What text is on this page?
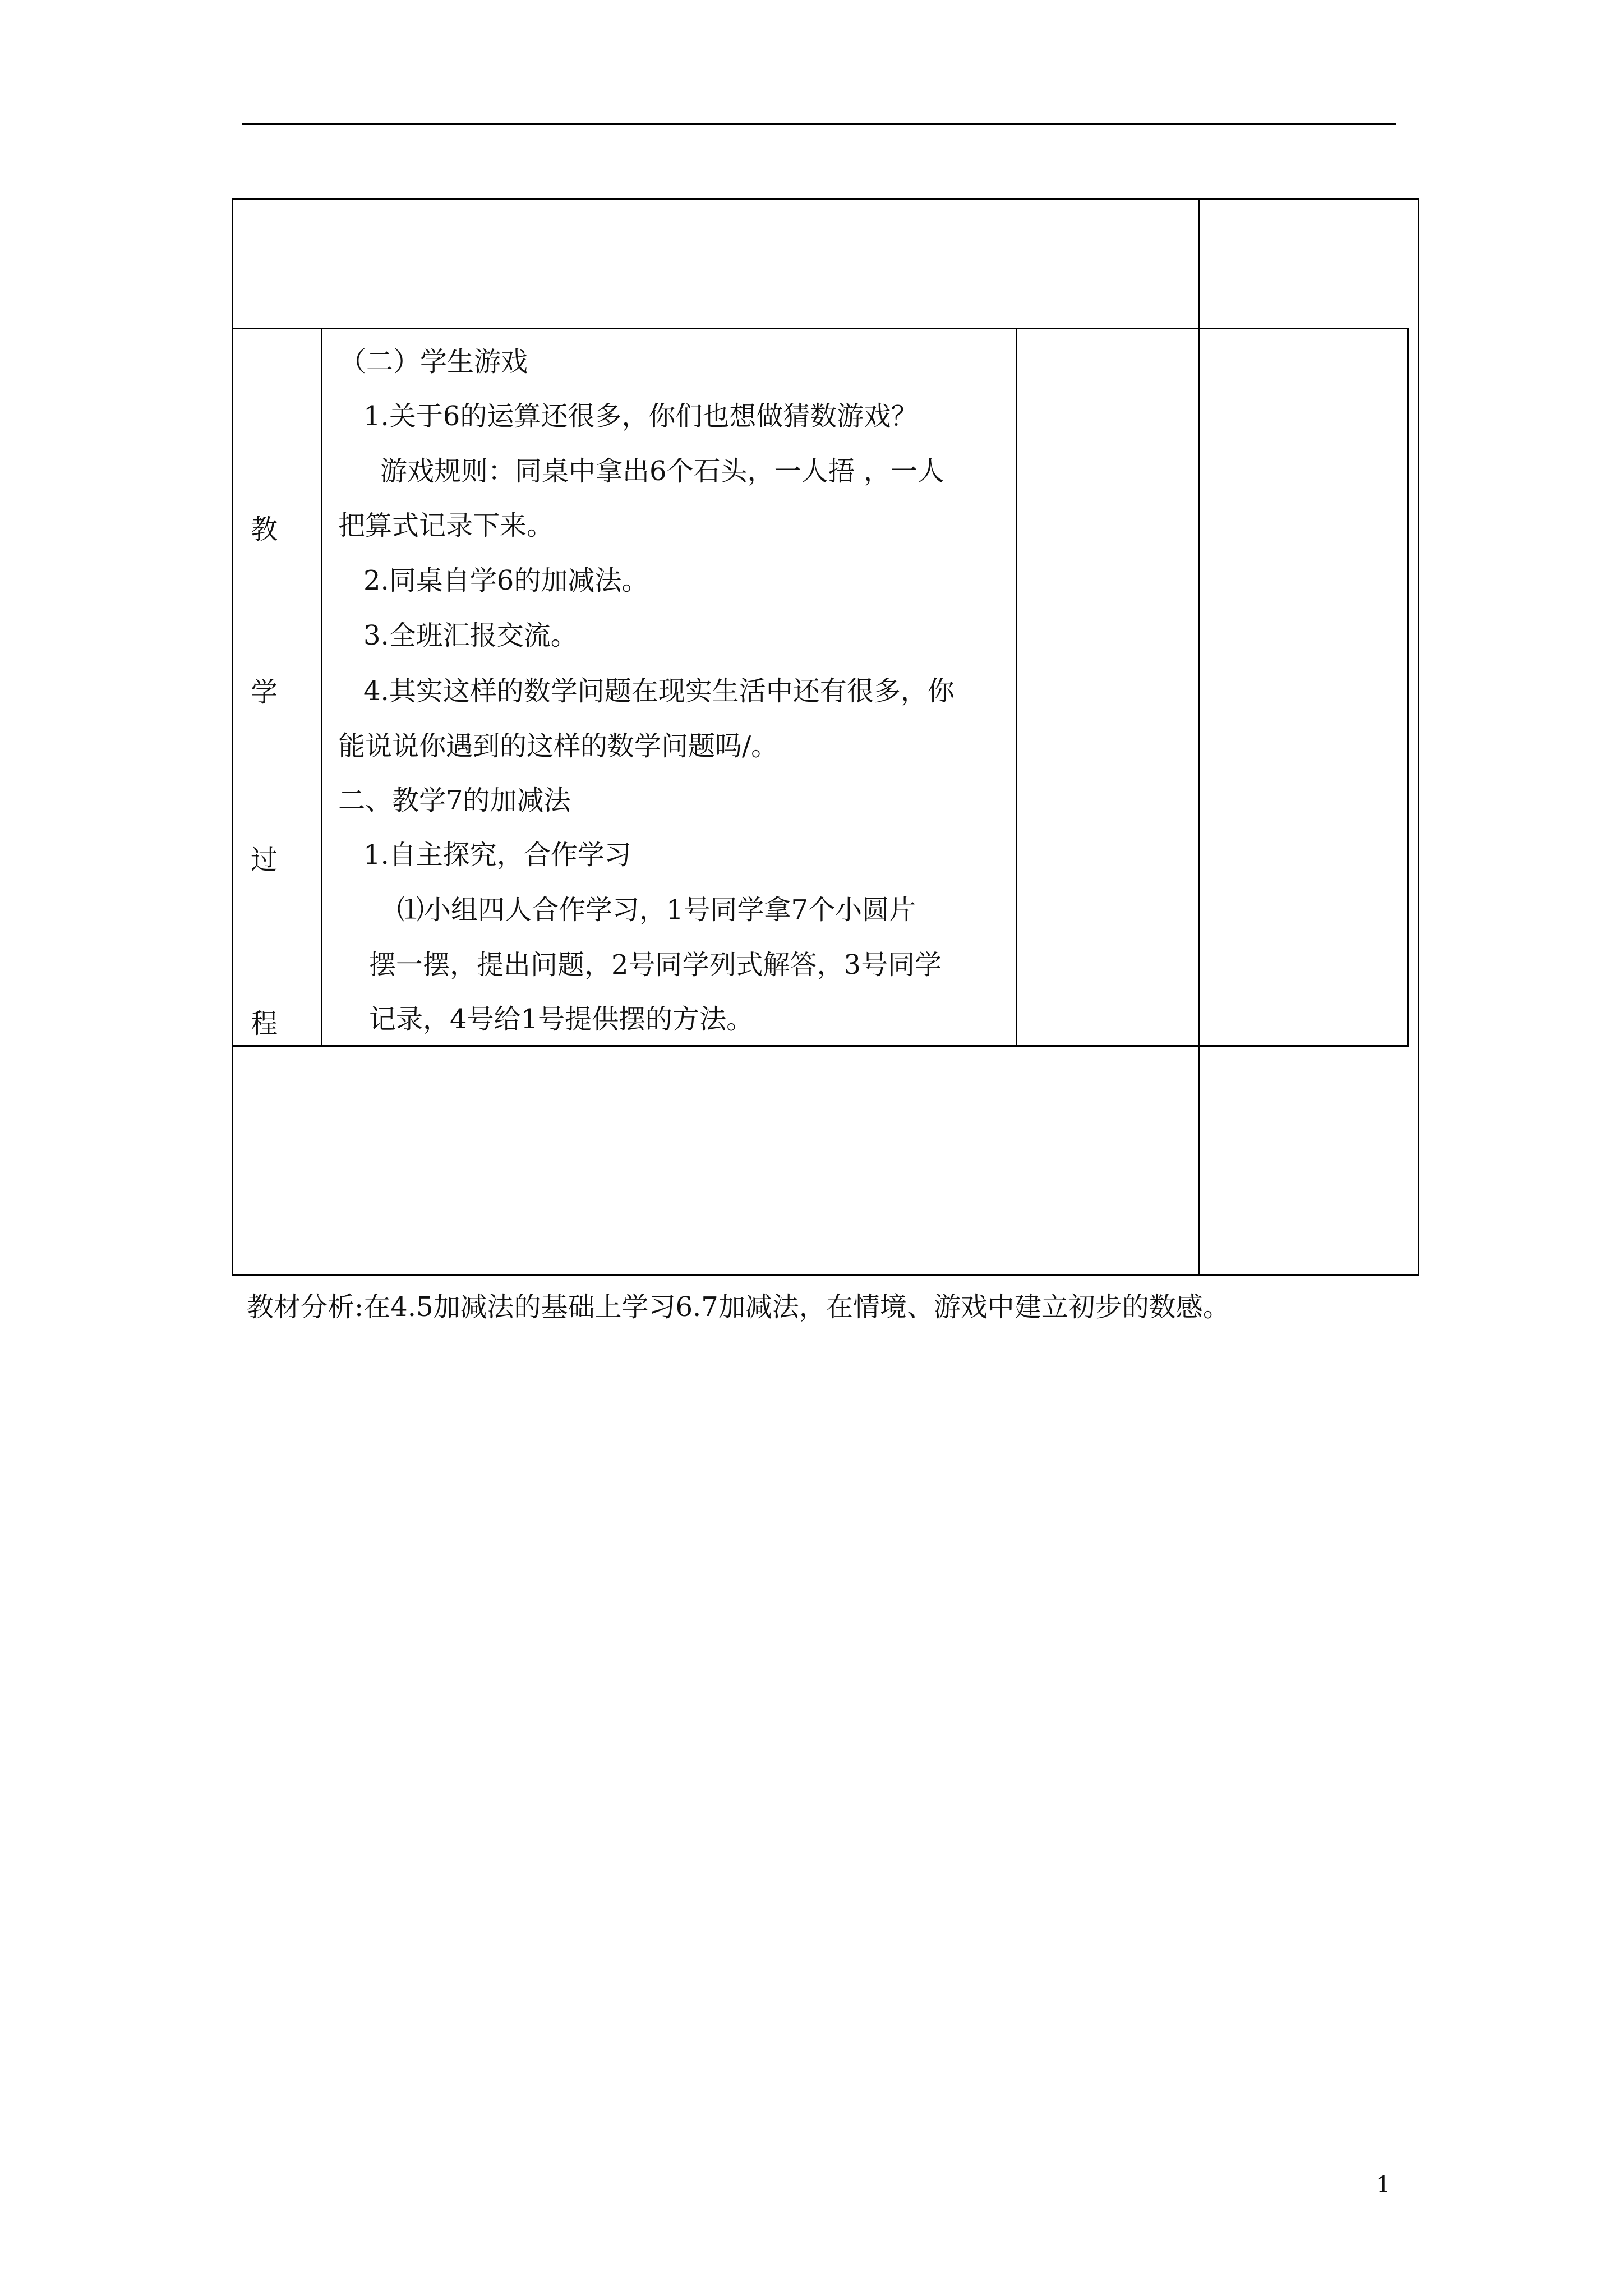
教
学
过
程
（二）学生游戏
1.关于6的运算还很多，你们也想做猜数游戏？
游戏规则：同桌中拿出6个石头，一人捂 ，一人
把算式记录下来。
2.同桌自学6的加减法。
3.全班汇报交流。
4.其实这样的数学问题在现实生活中还有很多，你
能说说你遇到的这样的数学问题吗/。
二、教学7的加减法
1.自主探究，合作学习
⑴小组四人合作学习，1号同学拿7个小圆片
摆一摆，提出问题，2号同学列式解答，3号同学
记录，4号给1号提供摆的方法。
教材分析:在4.5加减法的基础上学习6.7加减法，在情境、游戏中建立初步的数感。
1
